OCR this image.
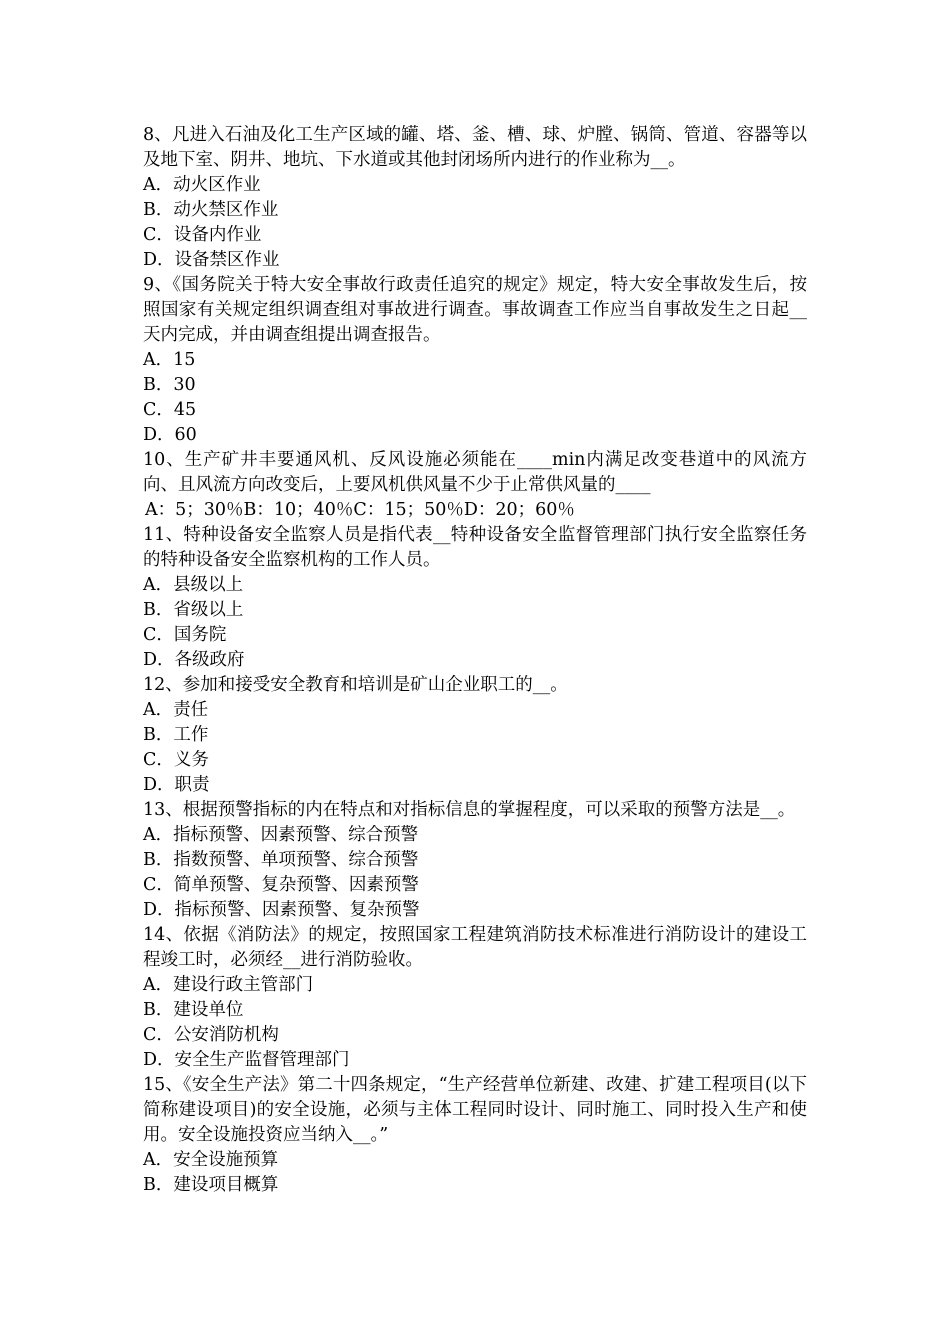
8、凡进入石油及化工生产区域的罐、塔、釜、槽、球、炉膛、锅筒、管道、容器等以及地下室、阴井、地坑、下水道或其他封闭场所内进行的作业称为__。

A．动火区作业

B．动火禁区作业

C．设备内作业

D．设备禁区作业

9、《国务院关于特大安全事故行政责任追究的规定》规定，特大安全事故发生后，按照国家有关规定组织调查组对事故进行调查。事故调查工作应当自事故发生之日起__天内完成，并由调查组提出调查报告。

A．15

B．30

C．45

D．60

10、生产矿井丰要通风机、反风设施必须能在____min内满足改变巷道中的风流方向、且风流方向改变后，上要风机供风量不少于止常供风量的____

A：5；30％B：10；40％C：15；50％D：20；60％

11、特种设备安全监察人员是指代表__特种设备安全监督管理部门执行安全监察任务的特种设备安全监察机构的工作人员。

A．县级以上

B．省级以上

C．国务院

D．各级政府

12、参加和接受安全教育和培训是矿山企业职工的__。

A．责任

B．工作

C．义务

D．职责

13、根据预警指标的内在特点和对指标信息的掌握程度，可以采取的预警方法是__。

A．指标预警、因素预警、综合预警

B．指数预警、单项预警、综合预警

C．简单预警、复杂预警、因素预警

D．指标预警、因素预警、复杂预警

14、依据《消防法》的规定，按照国家工程建筑消防技术标准进行消防设计的建设工程竣工时，必须经__进行消防验收。

A．建设行政主管部门

B．建设单位

C．公安消防机构

D．安全生产监督管理部门

15、《安全生产法》第二十四条规定，“生产经营单位新建、改建、扩建工程项目(以下简称建设项目)的安全设施，必须与主体工程同时设计、同时施工、同时投入生产和使用。安全设施投资应当纳入__。”

A．安全设施预算

B．建设项目概算
